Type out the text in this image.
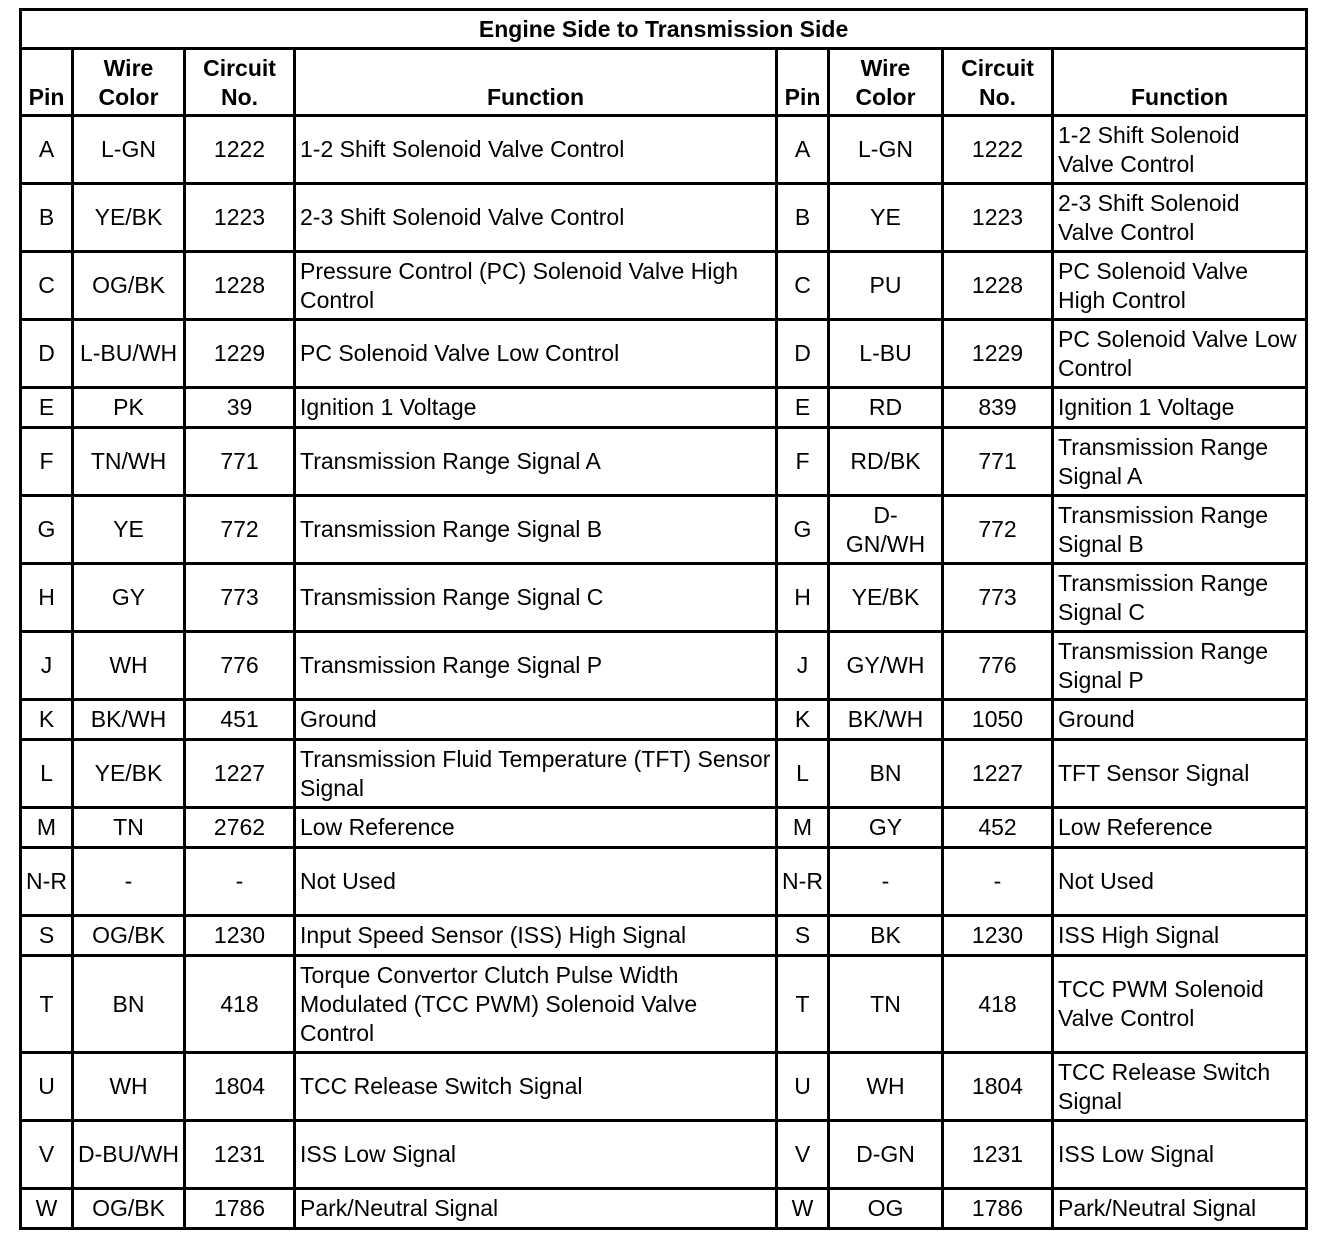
Engine Side to Transmission Side							
Pin	Wire Color	Circuit No.	Function	Pin	Wire Color	Circuit No.	Function
A	L-GN	1222	1-2 Shift Solenoid Valve Control	A	L-GN	1222	1-2 Shift Solenoid Valve Control
B	YE/BK	1223	2-3 Shift Solenoid Valve Control	B	YE	1223	2-3 Shift Solenoid Valve Control
C	OG/BK	1228	Pressure Control (PC) Solenoid Valve High Control	C	PU	1228	PC Solenoid Valve High Control
D	L-BU/WH	1229	PC Solenoid Valve Low Control	D	L-BU	1229	PC Solenoid Valve Low Control
E	PK	39	Ignition 1 Voltage	E	RD	839	Ignition 1 Voltage
F	TN/WH	771	Transmission Range Signal A	F	RD/BK	771	Transmission Range Signal A
G	YE	772	Transmission Range Signal B	G	D-GN/WH	772	Transmission Range Signal B
H	GY	773	Transmission Range Signal C	H	YE/BK	773	Transmission Range Signal C
J	WH	776	Transmission Range Signal P	J	GY/WH	776	Transmission Range Signal P
K	BK/WH	451	Ground	K	BK/WH	1050	Ground
L	YE/BK	1227	Transmission Fluid Temperature (TFT) Sensor Signal	L	BN	1227	TFT Sensor Signal
M	TN	2762	Low Reference	M	GY	452	Low Reference
N-R	-	-	Not Used	N-R	-	-	Not Used
S	OG/BK	1230	Input Speed Sensor (ISS) High Signal	S	BK	1230	ISS High Signal
T	BN	418	Torque Convertor Clutch Pulse Width Modulated (TCC PWM) Solenoid Valve Control	T	TN	418	TCC PWM Solenoid Valve Control
U	WH	1804	TCC Release Switch Signal	U	WH	1804	TCC Release Switch Signal
V	D-BU/WH	1231	ISS Low Signal	V	D-GN	1231	ISS Low Signal
W	OG/BK	1786	Park/Neutral Signal	W	OG	1786	Park/Neutral Signal
